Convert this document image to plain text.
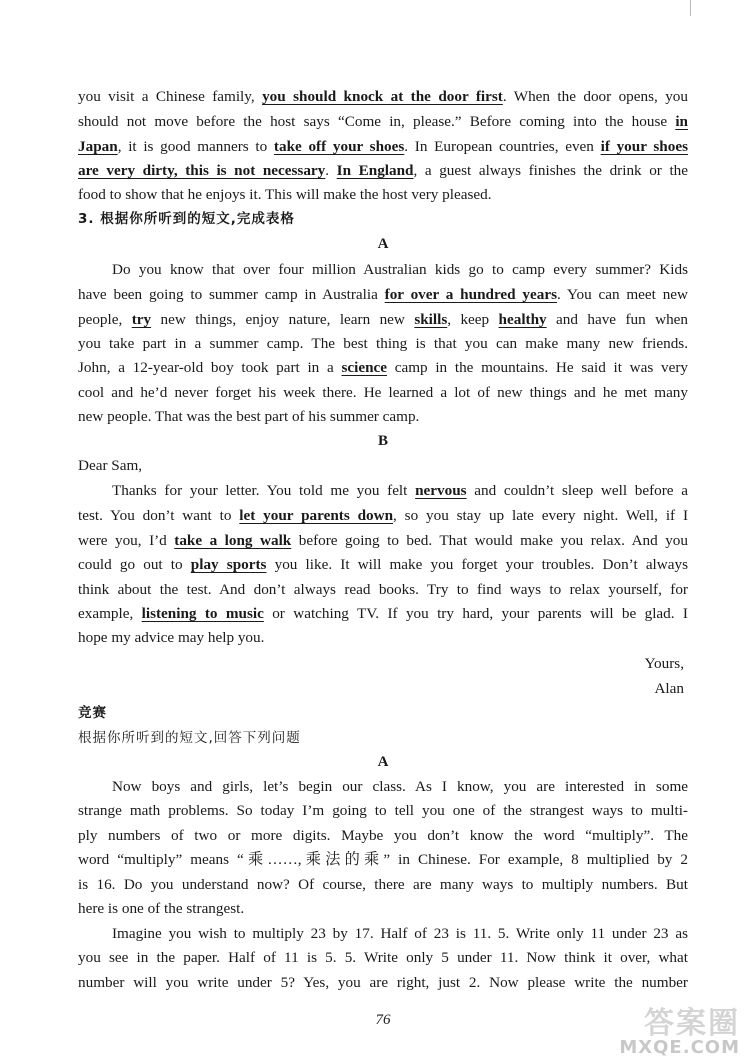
you visit a Chinese family, you should knock at the door first. When the door opens, you
should not move before the host says “Come in, please.” Before coming into the house in
Japan, it is good manners to take off your shoes. In European countries, even if your shoes
are very dirty, this is not necessary. In England, a guest always finishes the drink or the
food to show that he enjoys it. This will make the host very pleased.
3. 根据你所听到的短文,完成表格
A
Do you know that over four million Australian kids go to camp every summer? Kids
have been going to summer camp in Australia for over a hundred years. You can meet new
people, try new things, enjoy nature, learn new skills, keep healthy and have fun when
you take part in a summer camp. The best thing is that you can make many new friends.
John, a 12-year-old boy took part in a science camp in the mountains. He said it was very
cool and he’d never forget his week there. He learned a lot of new things and he met many
new people. That was the best part of his summer camp.
B
Dear Sam,
Thanks for your letter. You told me you felt nervous and couldn’t sleep well before a
test. You don’t want to let your parents down, so you stay up late every night. Well, if I
were you, I’d take a long walk before going to bed. That would make you relax. And you
could go out to play sports you like. It will make you forget your troubles. Don’t always
think about the test. And don’t always read books. Try to find ways to relax yourself, for
example, listening to music or watching TV. If you try hard, your parents will be glad. I
hope my advice may help you.
Yours,
Alan
竞赛
根据你所听到的短文,回答下列问题
A
Now boys and girls, let’s begin our class. As I know, you are interested in some
strange math problems. So today I’m going to tell you one of the strangest ways to multi-
ply numbers of two or more digits. Maybe you don’t know the word “multiply”. The
word “multiply” means “乘……,乘法的乘” in Chinese. For example, 8 multiplied by 2
is 16. Do you understand now? Of course, there are many ways to multiply numbers. But
here is one of the strangest.
Imagine you wish to multiply 23 by 17. Half of 23 is 11. 5. Write only 11 under 23 as
you see in the paper. Half of 11 is 5. 5. Write only 5 under 11. Now think it over, what
number will you write under 5? Yes, you are right, just 2. Now please write the number
76	答案圈
MXQE.COM
